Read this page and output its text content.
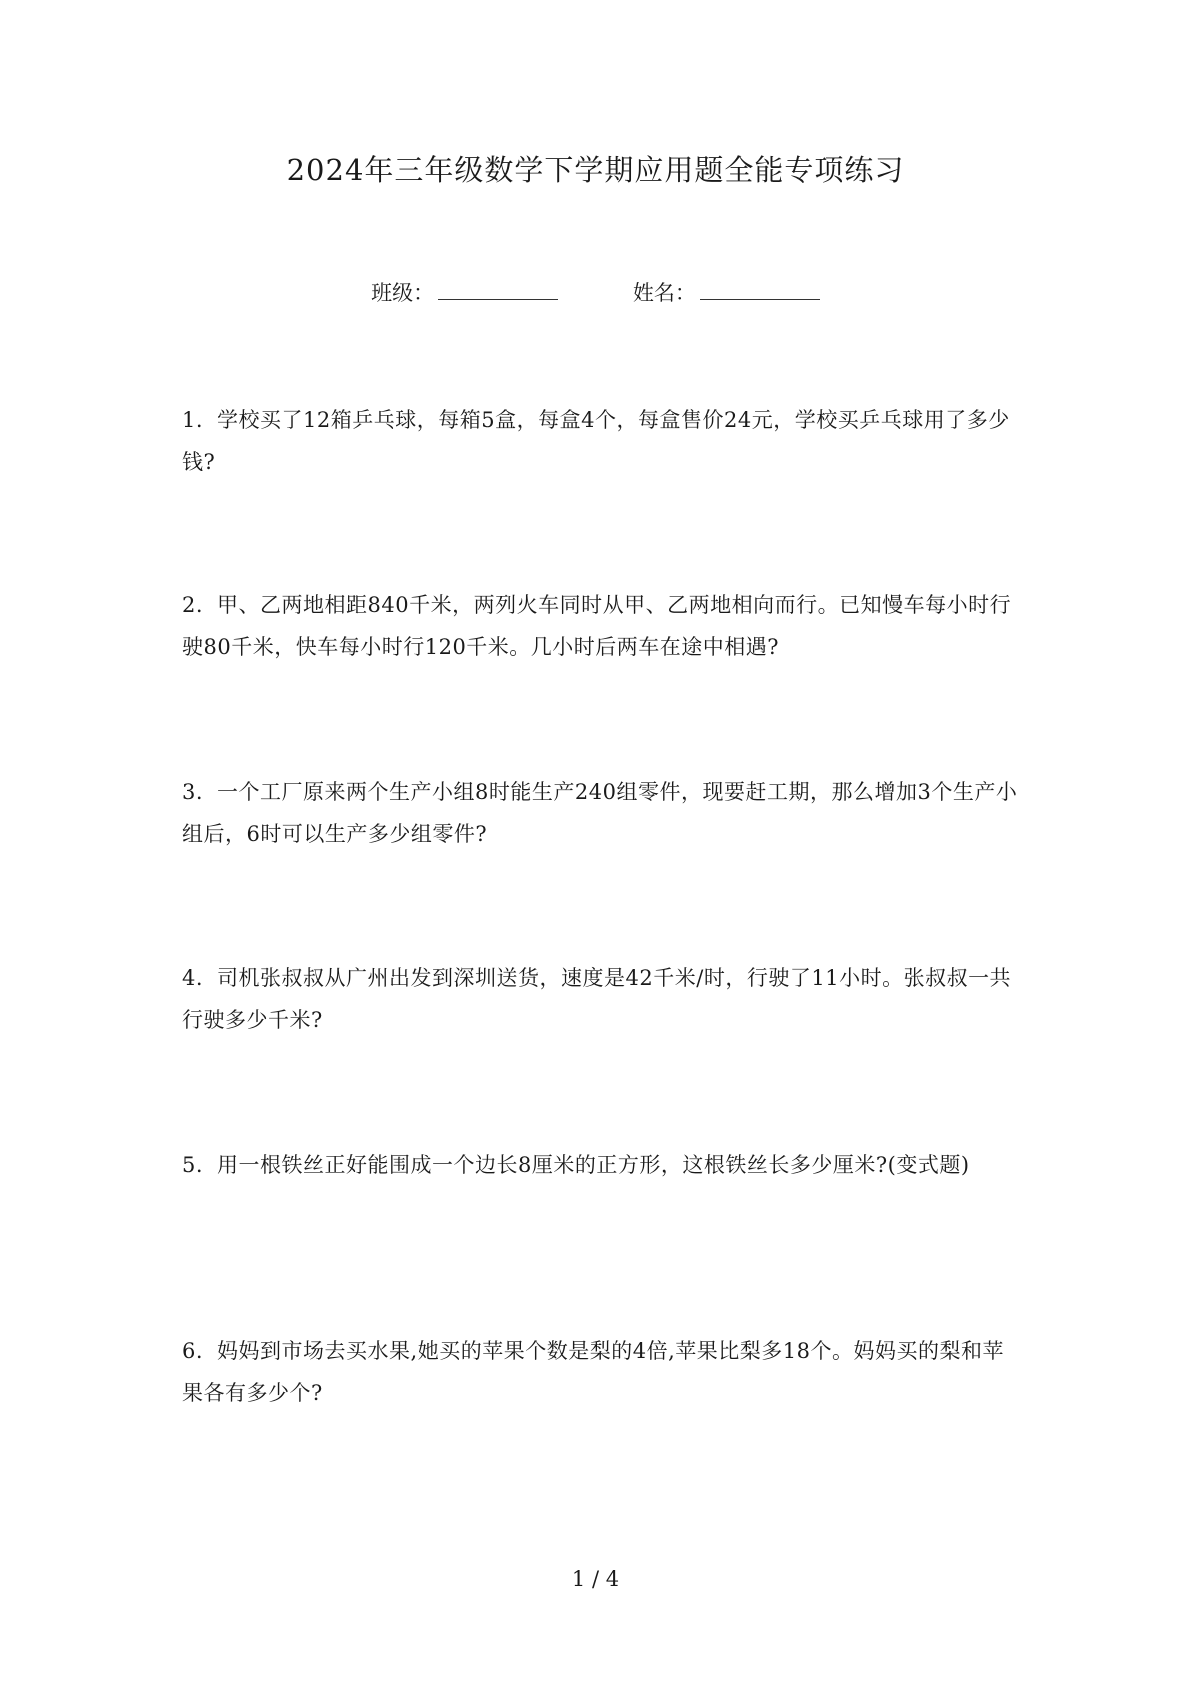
2024年三年级数学下学期应用题全能专项练习
班级：	姓名：
1. 学校买了12箱乒乓球，每箱5盒，每盒4个，每盒售价24元，学校买乒乓球用了多少钱?
2. 甲、乙两地相距840千米，两列火车同时从甲、乙两地相向而行。已知慢车每小时行驶80千米，快车每小时行120千米。几小时后两车在途中相遇?
3. 一个工厂原来两个生产小组8时能生产240组零件，现要赶工期，那么增加3个生产小组后，6时可以生产多少组零件?
4. 司机张叔叔从广州出发到深圳送货，速度是42千米/时，行驶了11小时。张叔叔一共行驶多少千米?
5. 用一根铁丝正好能围成一个边长8厘米的正方形，这根铁丝长多少厘米?(变式题)
6. 妈妈到市场去买水果,她买的苹果个数是梨的4倍,苹果比梨多18个。妈妈买的梨和苹果各有多少个?
1 / 4
